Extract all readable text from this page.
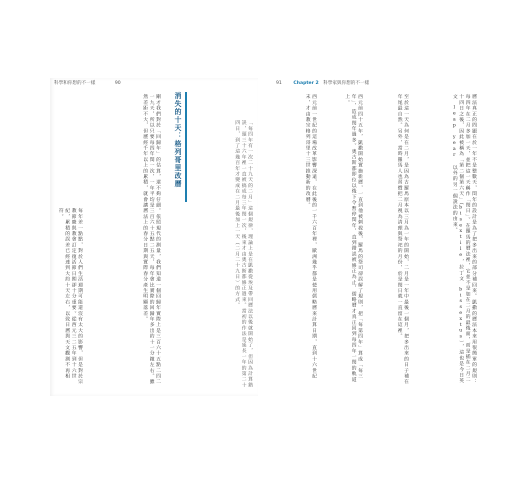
科學和你想的不一樣	90
「每四年有一次二十九天的二月」這個規律，理論上是在凱撒從埃及帶回曆法以後就開始了，但因為計算錯誤，頭三十六年裡一直被搞成每三年閏一次，後來才由奧古斯都修正過來。當初的作法是延長一年的第二十四日，到了這幾百年才變成在二月最後加上一天（二月二十九日）的方式。
消失的十天：格列哥里改曆
剛才我們對於「回歸年」的估算，還不夠仔細。依照現代的測量，我們知道一個回歸年實際上是三百六十五點二四二一九天，所以只要每四年閏一次，一年平均是三百六十五點二五天，每年會比實際的回歸年多出約十一分鐘左右。雖然差距不大，但歷經千年以上的累積，就會讓曆法上的春分日期與實際春分產生明顯落差。
每年差一點點，對於人們生活週期可能還沒有太大的影響，但是對於宗教節慶與教會訂定復活節日期卻十分重要。從西元三二五年到十六世紀，累積的誤差已經達到大約十天左右，以致日曆與天文觀測不再相符。
91 Chapter 2 科學家與你想的不一樣
曆法真正的問題在於一年不是整數天，閏年的設計是為了把多出來的部分補回來。凱撒的曆法本來用很簡單的規則：每四年在二月多加一天，並把這一天稱作「閏日」。在羅馬的曆法裡，它並不是加在二月的最後面，而是插在二月二十四日之後，因此被稱為「第二個第六天」（bisextile，拉丁文 bissextus），這也是今日英文 leap year 以外的另一個說法的由來。
至於這一天為何是在二月，是因為古羅馬原本以三月為一年的開始，二月是一年中最後一個月，把多出來的日子補在年尾最自然。另外，當時羅馬人也習慣把二月視為清理與祭祀的月份，於是閏日就一直留在這裡。
西元前四十五年，凱撒開始實施新曆，一直到他被刺殺後，羅馬的祭司卻誤解了規則，把「每第四年」算成「每三年」，造成閏年過多。奧古斯都即位以後下令暫停閏年，直到錯誤被修正為止，儒略曆才真正回到每四年一閏的軌道上。
西元前一世紀的這場改革影響深遠，在此後的一千六百年裡，歐洲幾乎都是使用儒略曆來計算日期，直到十六世紀末，才由教宗格列哥里十三世推動新的改曆。
